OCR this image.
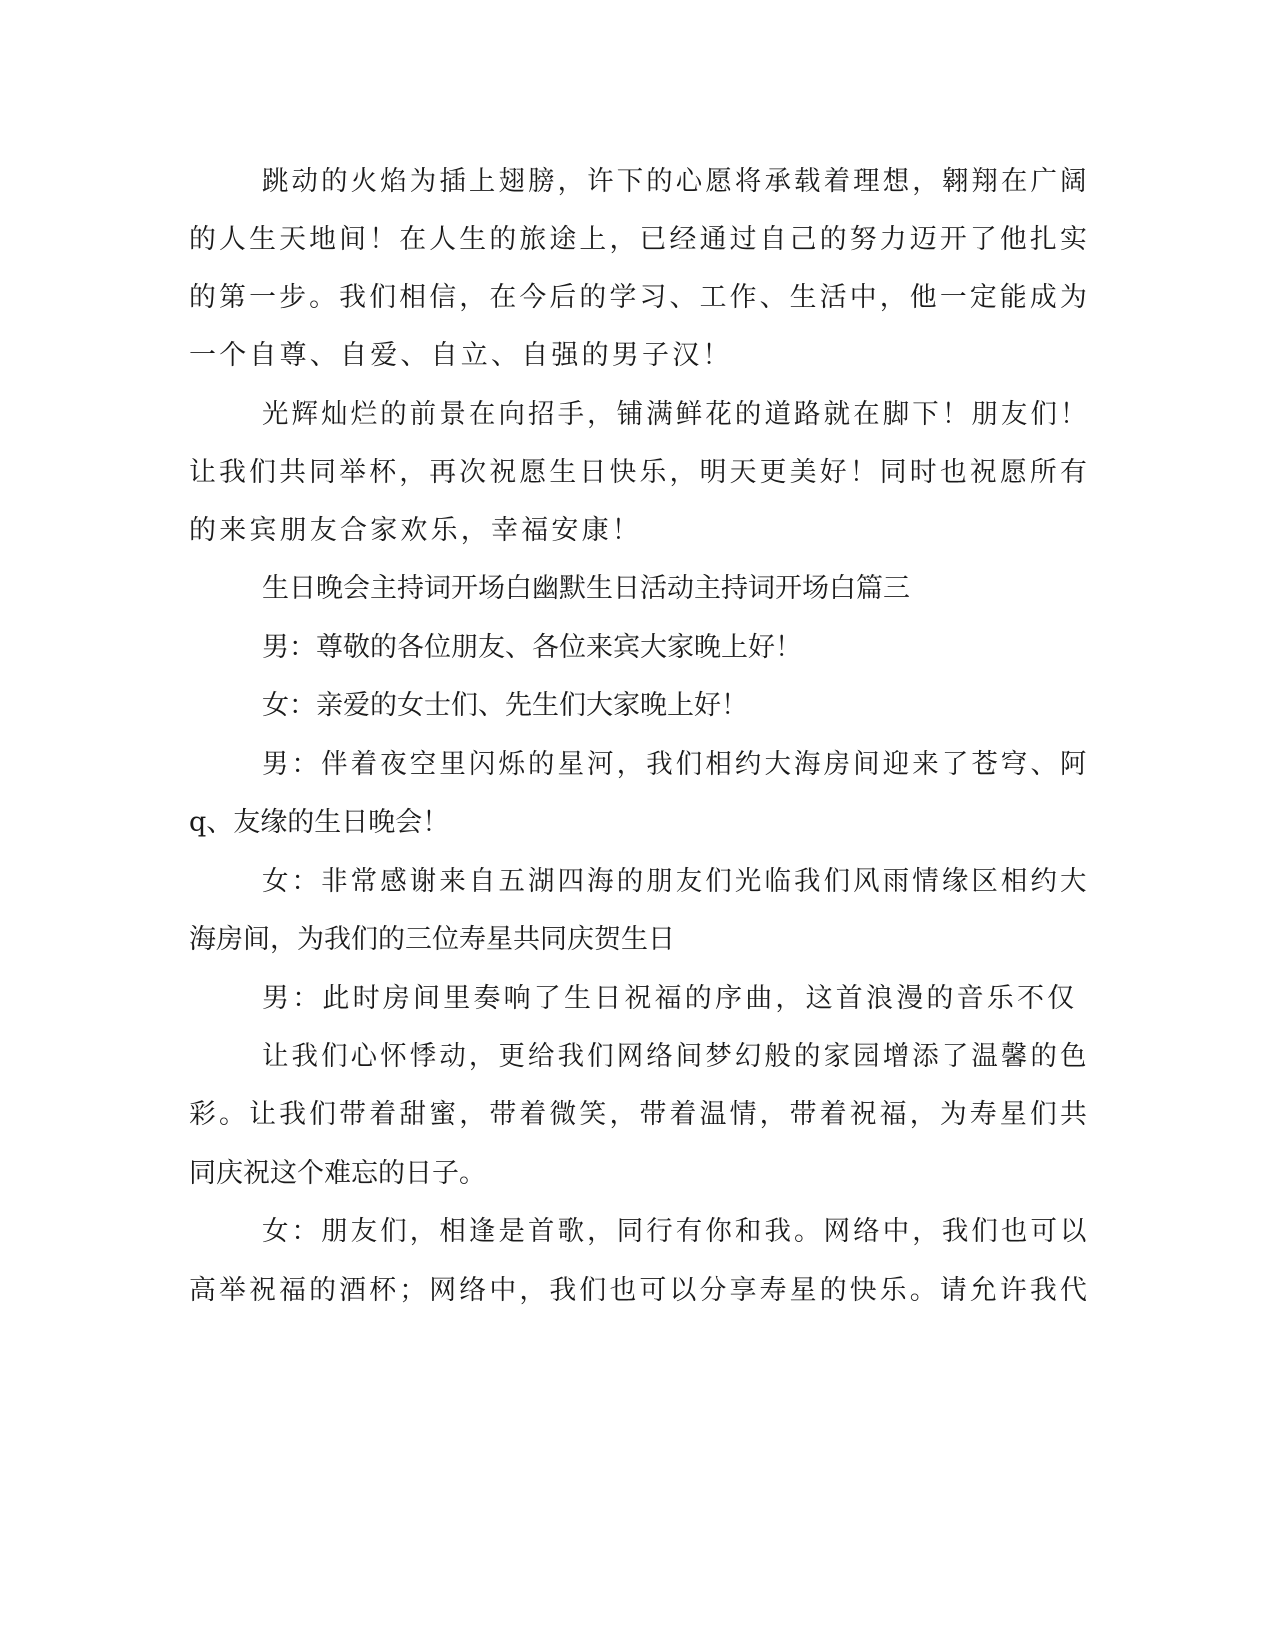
跳动的火焰为插上翅膀，许下的心愿将承载着理想，翱翔在广阔
的人生天地间！在人生的旅途上，已经通过自己的努力迈开了他扎实
的第一步。我们相信，在今后的学习、工作、生活中，他一定能成为
一个自尊、自爱、自立、自强的男子汉！
光辉灿烂的前景在向招手，铺满鲜花的道路就在脚下！朋友们！
让我们共同举杯，再次祝愿生日快乐，明天更美好！同时也祝愿所有
的来宾朋友合家欢乐，幸福安康！
生日晚会主持词开场白幽默生日活动主持词开场白篇三
男：尊敬的各位朋友、各位来宾大家晚上好！
女：亲爱的女士们、先生们大家晚上好！
男：伴着夜空里闪烁的星河，我们相约大海房间迎来了苍穹、阿
q、友缘的生日晚会！
女：非常感谢来自五湖四海的朋友们光临我们风雨情缘区相约大
海房间，为我们的三位寿星共同庆贺生日
男：此时房间里奏响了生日祝福的序曲，这首浪漫的音乐不仅
让我们心怀悸动，更给我们网络间梦幻般的家园增添了温馨的色
彩。让我们带着甜蜜，带着微笑，带着温情，带着祝福，为寿星们共
同庆祝这个难忘的日子。
女：朋友们，相逢是首歌，同行有你和我。网络中，我们也可以
高举祝福的酒杯；网络中，我们也可以分享寿星的快乐。请允许我代
